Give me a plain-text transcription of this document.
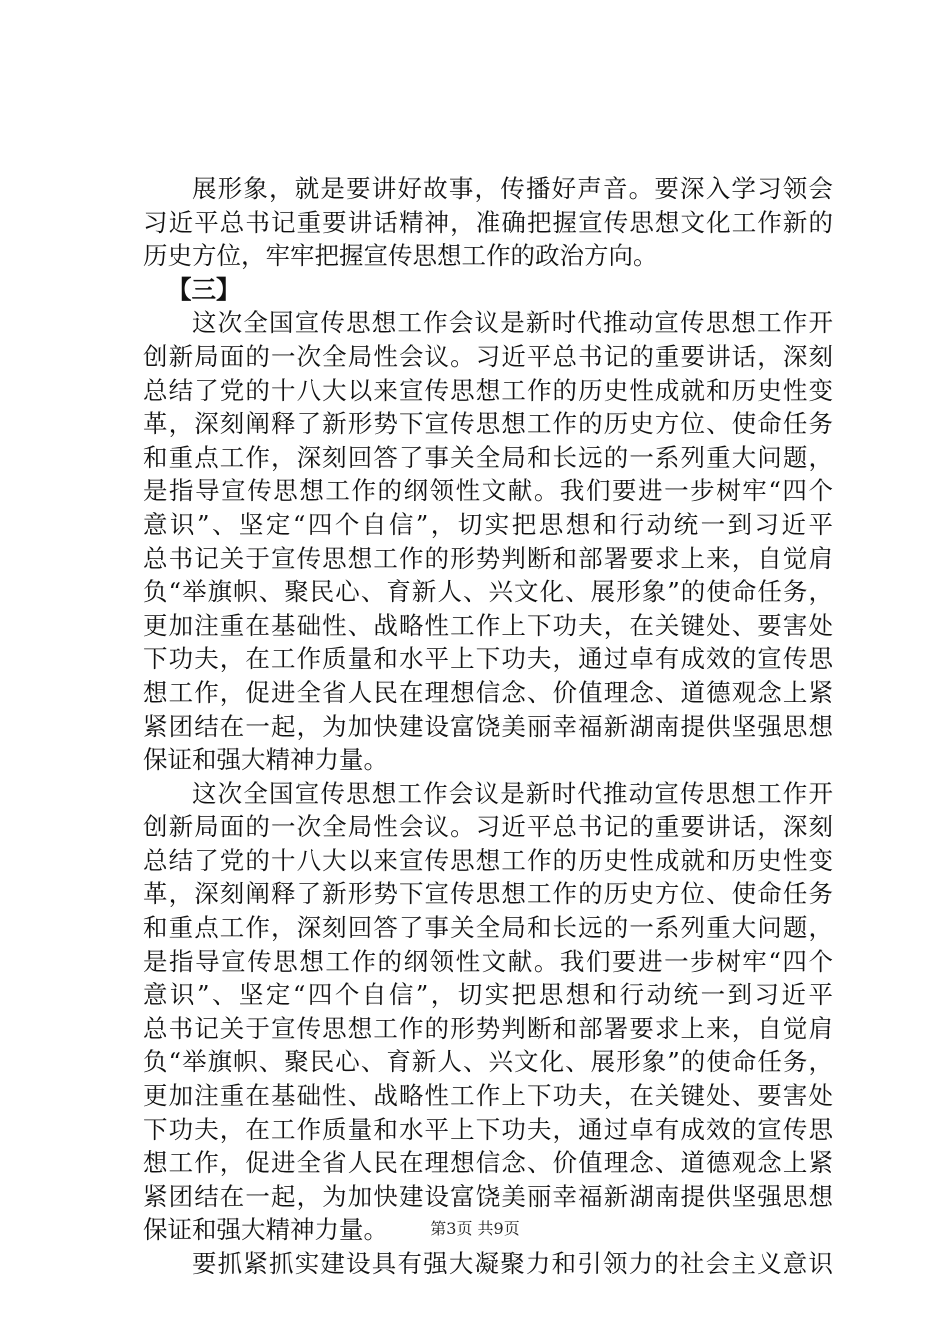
展形象，就是要讲好故事，传播好声音。要深入学习领会
习近平总书记重要讲话精神，准确把握宣传思想文化工作新的
历史方位，牢牢把握宣传思想工作的政治方向。
【三】
这次全国宣传思想工作会议是新时代推动宣传思想工作开
创新局面的一次全局性会议。习近平总书记的重要讲话，深刻
总结了党的十八大以来宣传思想工作的历史性成就和历史性变
革，深刻阐释了新形势下宣传思想工作的历史方位、使命任务
和重点工作，深刻回答了事关全局和长远的一系列重大问题，
是指导宣传思想工作的纲领性文献。我们要进一步树牢“四个
意识”、坚定“四个自信”，切实把思想和行动统一到习近平
总书记关于宣传思想工作的形势判断和部署要求上来，自觉肩
负“举旗帜、聚民心、育新人、兴文化、展形象”的使命任务，
更加注重在基础性、战略性工作上下功夫，在关键处、要害处
下功夫，在工作质量和水平上下功夫，通过卓有成效的宣传思
想工作，促进全省人民在理想信念、价值理念、道德观念上紧
紧团结在一起，为加快建设富饶美丽幸福新湖南提供坚强思想
保证和强大精神力量。
这次全国宣传思想工作会议是新时代推动宣传思想工作开
创新局面的一次全局性会议。习近平总书记的重要讲话，深刻
总结了党的十八大以来宣传思想工作的历史性成就和历史性变
革，深刻阐释了新形势下宣传思想工作的历史方位、使命任务
和重点工作，深刻回答了事关全局和长远的一系列重大问题，
是指导宣传思想工作的纲领性文献。我们要进一步树牢“四个
意识”、坚定“四个自信”，切实把思想和行动统一到习近平
总书记关于宣传思想工作的形势判断和部署要求上来，自觉肩
负“举旗帜、聚民心、育新人、兴文化、展形象”的使命任务，
更加注重在基础性、战略性工作上下功夫，在关键处、要害处
下功夫，在工作质量和水平上下功夫，通过卓有成效的宣传思
想工作，促进全省人民在理想信念、价值理念、道德观念上紧
紧团结在一起，为加快建设富饶美丽幸福新湖南提供坚强思想
保证和强大精神力量。
要抓紧抓实建设具有强大凝聚力和引领力的社会主义意识
第3页 共9页
